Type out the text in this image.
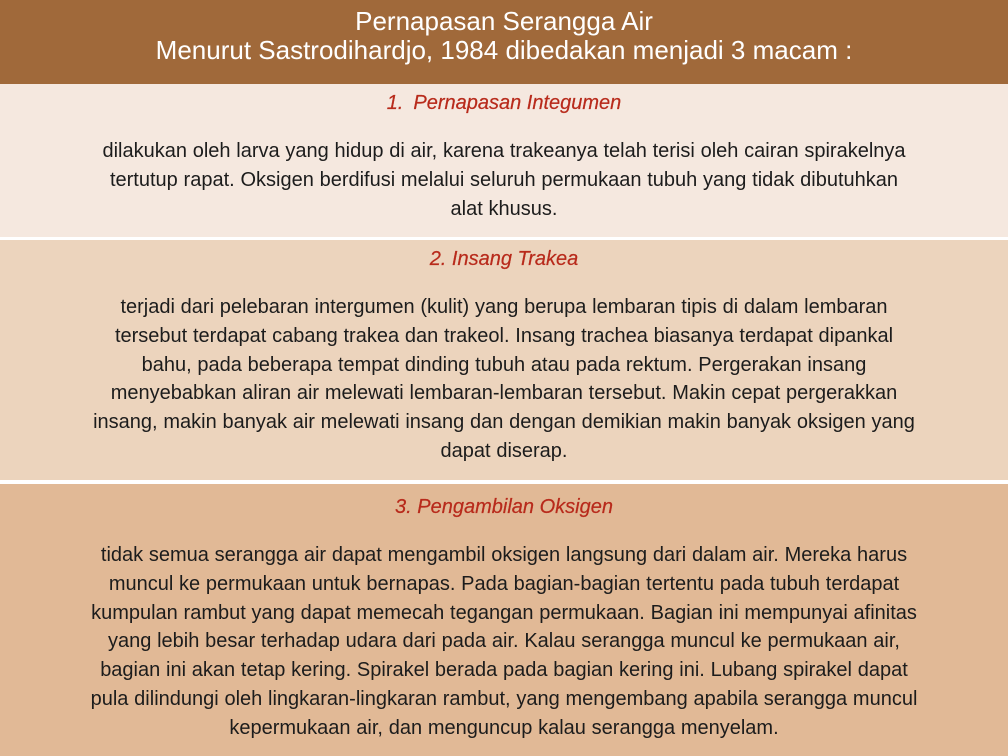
Pernapasan Serangga Air
Menurut Sastrodihardjo, 1984 dibedakan menjadi 3 macam :

1. Pernapasan Integumen

dilakukan oleh larva yang hidup di air, karena trakeanya telah terisi oleh cairan spirakelnya
tertutup rapat. Oksigen berdifusi melalui seluruh permukaan tubuh yang tidak dibutuhkan
alat khusus.

2. Insang Trakea

terjadi dari pelebaran intergumen (kulit) yang berupa lembaran tipis di dalam lembaran
tersebut terdapat cabang trakea dan trakeol. Insang trachea biasanya terdapat dipankal
bahu, pada beberapa tempat dinding tubuh atau pada rektum. Pergerakan insang
menyebabkan aliran air melewati lembaran-lembaran tersebut. Makin cepat pergerakkan
insang, makin banyak air melewati insang dan dengan demikian makin banyak oksigen yang
dapat diserap.

3. Pengambilan Oksigen

tidak semua serangga air dapat mengambil oksigen langsung dari dalam air. Mereka harus
muncul ke permukaan untuk bernapas. Pada bagian-bagian tertentu pada tubuh terdapat
kumpulan rambut yang dapat memecah tegangan permukaan. Bagian ini mempunyai afinitas
yang lebih besar terhadap udara dari pada air. Kalau serangga muncul ke permukaan air,
bagian ini akan tetap kering. Spirakel berada pada bagian kering ini. Lubang spirakel dapat
pula dilindungi oleh lingkaran-lingkaran rambut, yang mengembang apabila serangga muncul
kepermukaan air, dan menguncup kalau serangga menyelam.
